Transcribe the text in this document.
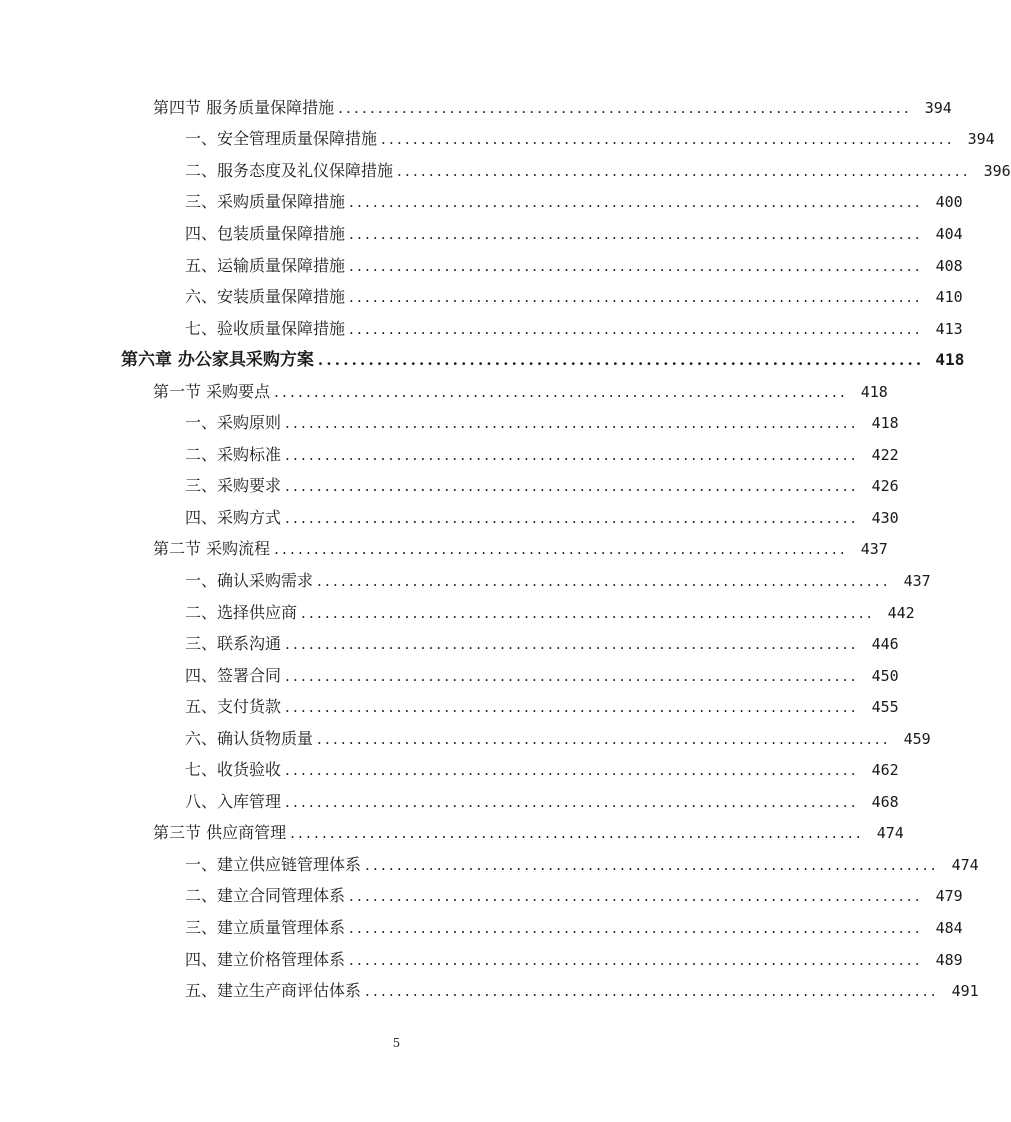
第四节 服务质量保障措施 ........................................................................ 394
一、安全管理质量保障措施 ........................................................................ 394
二、服务态度及礼仪保障措施 ........................................................................ 396
三、采购质量保障措施 ........................................................................ 400
四、包装质量保障措施 ........................................................................ 404
五、运输质量保障措施 ........................................................................ 408
六、安装质量保障措施 ........................................................................ 410
七、验收质量保障措施 ........................................................................ 413
第六章 办公家具采购方案 ........................................................................ 418
第一节 采购要点 ........................................................................ 418
一、采购原则 ........................................................................ 418
二、采购标准 ........................................................................ 422
三、采购要求 ........................................................................ 426
四、采购方式 ........................................................................ 430
第二节 采购流程 ........................................................................ 437
一、确认采购需求 ........................................................................ 437
二、选择供应商 ........................................................................ 442
三、联系沟通 ........................................................................ 446
四、签署合同 ........................................................................ 450
五、支付货款 ........................................................................ 455
六、确认货物质量 ........................................................................ 459
七、收货验收 ........................................................................ 462
八、入库管理 ........................................................................ 468
第三节 供应商管理 ........................................................................ 474
一、建立供应链管理体系 ........................................................................ 474
二、建立合同管理体系 ........................................................................ 479
三、建立质量管理体系 ........................................................................ 484
四、建立价格管理体系 ........................................................................ 489
五、建立生产商评估体系 ........................................................................ 491
5
